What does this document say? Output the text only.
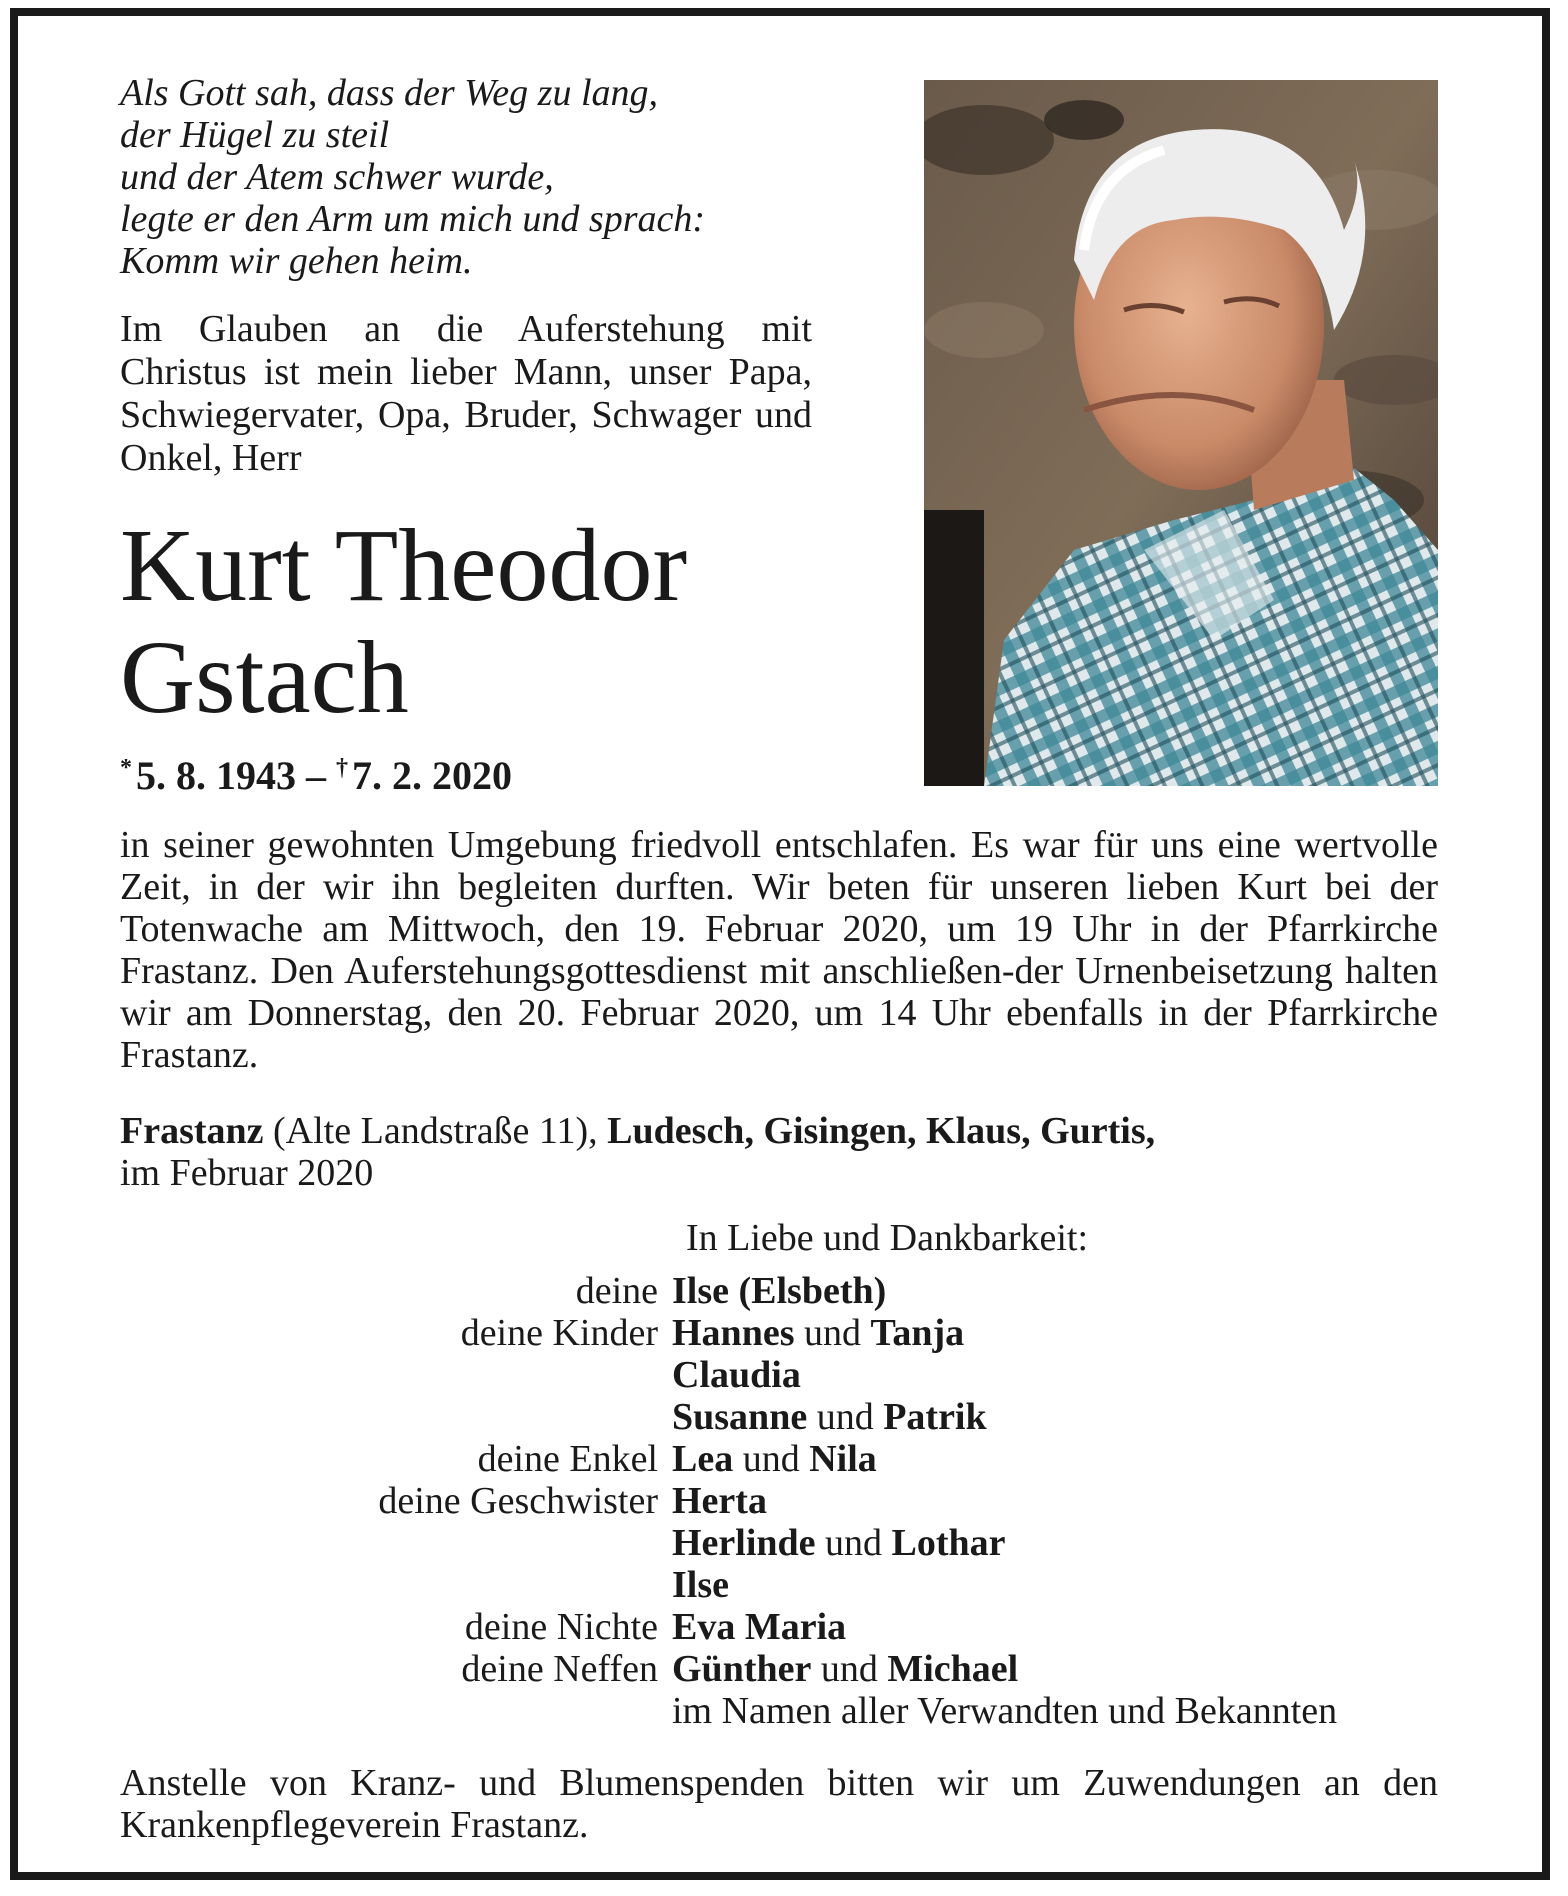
Als Gott sah, dass der Weg zu lang,
der Hügel zu steil
und der Atem schwer wurde,
legte er den Arm um mich und sprach:
Komm wir gehen heim.
Im Glauben an die Auferstehung mit Christus ist mein lieber Mann, unser Papa, Schwiegervater, Opa, Bruder, Schwager und Onkel, Herr
Kurt Theodor
Gstach
* 5. 8. 1943 – † 7. 2. 2020
in seiner gewohnten Umgebung friedvoll entschlafen. Es war für uns eine wertvolle Zeit, in der wir ihn begleiten durften. Wir beten für unseren lieben Kurt bei der Totenwache am Mittwoch, den 19. Februar 2020, um 19 Uhr in der Pfarrkirche Frastanz. Den Auferstehungsgottesdienst mit anschließen-der Urnenbeisetzung halten wir am Donnerstag, den 20. Februar 2020, um 14 Uhr ebenfalls in der Pfarrkirche Frastanz.
Frastanz (Alte Landstraße 11), Ludesch, Gisingen, Klaus, Gurtis,
im Februar 2020
In Liebe und Dankbarkeit:
deine Ilse (Elsbeth)
deine Kinder Hannes und Tanja
Claudia
Susanne und Patrik
deine Enkel Lea und Nila
deine Geschwister Herta
Herlinde und Lothar
Ilse
deine Nichte Eva Maria
deine Neffen Günther und Michael
im Namen aller Verwandten und Bekannten
Anstelle von Kranz- und Blumenspenden bitten wir um Zuwendungen an den Krankenpflegeverein Frastanz.
